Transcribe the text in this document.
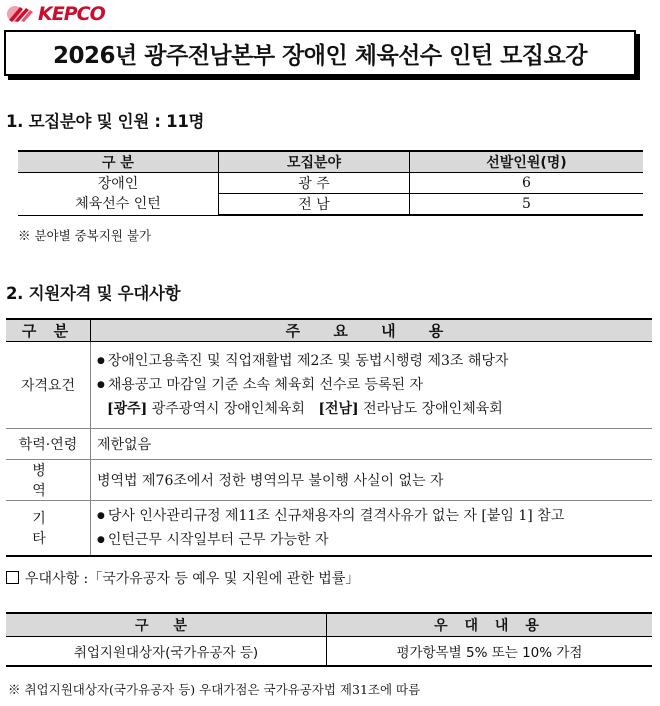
KEPCO
2026년 광주전남본부 장애인 체육선수 인턴 모집요강
1. 모집분야 및 인원 : 11명
구 분	모집분야	선발인원(명)

장애인
체육선수 인턴	광 주	6
	전 남	5
※ 분야별 중복지원 불가
2. 지원자격 및 우대사항
구 분	주 요 내 용
자격요건	● 장애인고용촉진 및 직업재활법 제2조 및 동법시행령 제3조 해당자
● 채용공고 마감일 기준 소속 체육회 선수로 등록된 자
[광주] 광주광역시 장애인체육회 [전남] 전라남도 장애인체육회

학력·연령	제한없음
병 역	병역법 제76조에서 정한 병역의무 불이행 사실이 없는 자
기 타	● 당사 인사관리규정 제11조 신규채용자의 결격사유가 없는 자 [붙임 1] 참고
● 인턴근무 시작일부터 근무 가능한 자
우대사항 :「국가유공자 등 예우 및 지원에 관한 법률」
구 분	우 대 내 용
취업지원대상자(국가유공자 등)	평가항목별 5% 또는 10% 가점
※ 취업지원대상자(국가유공자 등) 우대가점은 국가유공자법 제31조에 따름
